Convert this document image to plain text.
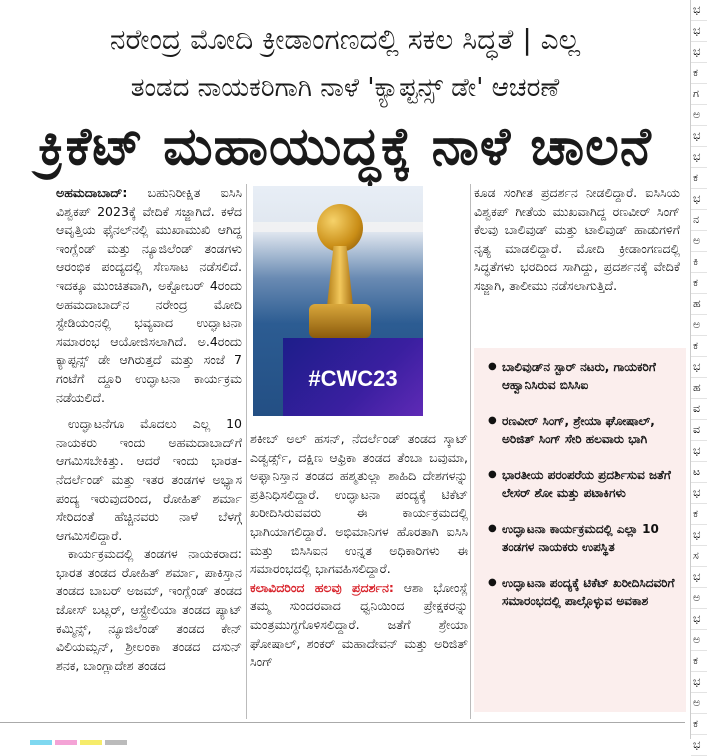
ನರೇಂದ್ರ ಮೋದಿ ಕ್ರೀಡಾಂಗಣದಲ್ಲಿ ಸಕಲ ಸಿದ್ಧತೆ | ಎಲ್ಲ
ತಂಡದ ನಾಯಕರಿಗಾಗಿ ನಾಳೆ 'ಕ್ಯಾಪ್ಟನ್ಸ್ ಡೇ' ಆಚರಣೆ
ಕ್ರಿಕೆಟ್ ಮಹಾಯುದ್ಧಕ್ಕೆ ನಾಳೆ ಚಾಲನೆ
ಅಹಮದಾಬಾದ್: ಬಹುನಿರೀಕ್ಷಿತ ಐಸಿಸಿ ವಿಶ್ವಕಪ್ 2023ಕ್ಕೆ ವೇದಿಕೆ ಸಜ್ಜಾಗಿದೆ. ಕಳೆದ ಆವೃತ್ತಿಯ ಫೈನಲ್‌ನಲ್ಲಿ ಮುಖಾಮುಖಿ ಆಗಿದ್ದ ಇಂಗ್ಲೆಂಡ್ ಮತ್ತು ನ್ಯೂಜಿಲೆಂಡ್ ತಂಡಗಳು ಆರಂಭಿಕ ಪಂದ್ಯದಲ್ಲಿ ಸೆಣಸಾಟ ನಡೆಸಲಿದೆ. ಇದಕ್ಕೂ ಮುಂಚಿತವಾಗಿ, ಅಕ್ಟೋಬರ್ 4ರಂದು ಅಹಮದಾಬಾದ್‌ನ ನರೇಂದ್ರ ಮೋದಿ ಸ್ಟೇಡಿಯಂನಲ್ಲಿ ಭವ್ಯವಾದ ಉದ್ಘಾಟನಾ ಸಮಾರಂಭ ಆಯೋಜಿಸಲಾಗಿದೆ. ಅ.4ರಂದು ಕ್ಯಾಪ್ಟನ್ಸ್ ಡೇ ಆಗಿರುತ್ತದೆ ಮತ್ತು ಸಂಜೆ 7 ಗಂಟೆಗೆ ದ್ದೂರಿ ಉದ್ಘಾಟನಾ ಕಾರ್ಯಕ್ರಮ ನಡೆಯಲಿದೆ.
ಉದ್ಘಾಟನೆಗೂ ಮೊದಲು ಎಲ್ಲ 10 ನಾಯಕರು ಇಂದು ಅಹಮದಾಬಾದ್‌ಗೆ ಆಗಮಿಸಬೇಕಿತ್ತು. ಆದರೆ ಇಂದು ಭಾರತ-ನೆದರ್ಲೆಂಡ್ ಮತ್ತು ಇತರ ತಂಡಗಳ ಅಭ್ಯಾಸ ಪಂದ್ಯ ಇರುವುದರಿಂದ, ರೋಹಿತ್ ಶರ್ಮಾ ಸೇರಿದಂತೆ ಹೆಚ್ಚಿನವರು ನಾಳೆ ಬೆಳಗ್ಗೆ ಆಗಮಿಸಲಿದ್ದಾರೆ.
ಕಾರ್ಯಕ್ರಮದಲ್ಲಿ ತಂಡಗಳ ನಾಯಕರಾದ: ಭಾರತ ತಂಡದ ರೋಹಿತ್ ಶರ್ಮಾ, ಪಾಕಿಸ್ತಾನ ತಂಡದ ಬಾಬರ್ ಅಜಮ್, ಇಂಗ್ಲೆಂಡ್ ತಂಡದ ಜೋಸ್ ಬಟ್ಲರ್, ಆಸ್ಟ್ರೇಲಿಯಾ ತಂಡದ ಪ್ಯಾಟ್ ಕಮ್ಮಿನ್ಸ್, ನ್ಯೂಜಿಲೆಂಡ್ ತಂಡದ ಕೇನ್ ವಿಲಿಯಮ್ಸನ್, ಶ್ರೀಲಂಕಾ ತಂಡದ ದಸುನ್ ಶನಕ, ಬಾಂಗ್ಲಾದೇಶ ತಂಡದ
#CWC23
ಶಕೀಬ್ ಅಲ್ ಹಸನ್, ನೆದರ್ಲೆಂಡ್ ತಂಡದ ಸ್ಕಾಟ್ ಎಡ್ವರ್ಡ್ಸ್, ದಕ್ಷಿಣ ಆಫ್ರಿಕಾ ತಂಡದ ತೆಂಬಾ ಬವುಮಾ, ಅಫ್ಘಾನಿಸ್ತಾನ ತಂಡದ ಹಶ್ಮತುಲ್ಲಾ ಶಾಹಿದಿ ದೇಶಗಳನ್ನು ಪ್ರತಿನಿಧಿಸಲಿದ್ದಾರೆ. ಉದ್ಘಾಟನಾ ಪಂದ್ಯಕ್ಕೆ ಟಿಕೆಟ್ ಖರೀದಿಸಿರುವವರು ಈ ಕಾರ್ಯಕ್ರಮದಲ್ಲಿ ಭಾಗಿಯಾಗಲಿದ್ದಾರೆ. ಅಭಿಮಾನಿಗಳ ಹೊರತಾಗಿ ಐಸಿಸಿ ಮತ್ತು ಬಿಸಿಸಿಐನ ಉನ್ನತ ಅಧಿಕಾರಿಗಳು ಈ ಸಮಾರಂಭದಲ್ಲಿ ಭಾಗವಹಿಸಲಿದ್ದಾರೆ.
ಕಲಾವಿದರಿಂದ ಹಲವು ಪ್ರದರ್ಶನ: ಆಶಾ ಭೋಂಸ್ಲೆ ತಮ್ಮ ಸುಂದರವಾದ ಧ್ವನಿಯಿಂದ ಪ್ರೇಕ್ಷಕರನ್ನು ಮಂತ್ರಮುಗ್ಧಗೊಳಿಸಲಿದ್ದಾರೆ. ಜತೆಗೆ ಶ್ರೇಯಾ ಘೋಷಾಲ್, ಶಂಕರ್ ಮಹಾದೇವನ್ ಮತ್ತು ಅರಿಜಿತ್ ಸಿಂಗ್
ಕೂಡ ಸಂಗೀತ ಪ್ರದರ್ಶನ ನೀಡಲಿದ್ದಾರೆ. ಐಸಿಸಿಯ ವಿಶ್ವಕಪ್ ಗೀತೆಯ ಮುಖವಾಗಿದ್ದ ರಣವೀರ್ ಸಿಂಗ್ ಕೆಲವು ಬಾಲಿವುಡ್ ಮತ್ತು ಟಾಲಿವುಡ್ ಹಾಡುಗಳಿಗೆ ನೃತ್ಯ ಮಾಡಲಿದ್ದಾರೆ. ಮೋದಿ ಕ್ರೀಡಾಂಗಣದಲ್ಲಿ ಸಿದ್ಧತೆಗಳು ಭರದಿಂದ ಸಾಗಿದ್ದು, ಪ್ರದರ್ಶನಕ್ಕೆ ವೇದಿಕೆ ಸಜ್ಜಾಗಿ, ತಾಲೀಮು ನಡೆಸಲಾಗುತ್ತಿದೆ.
● ಬಾಲಿವುಡ್‌ನ ಸ್ಟಾರ್ ನಟರು, ಗಾಯಕರಿಗೆ ಆಹ್ವಾನಿಸಿರುವ ಬಿಸಿಸಿಐ
● ರಣವೀರ್ ಸಿಂಗ್, ಶ್ರೇಯಾ ಘೋಷಾಲ್, ಅರಿಜಿತ್ ಸಿಂಗ್ ಸೇರಿ ಹಲವಾರು ಭಾಗಿ
● ಭಾರತೀಯ ಪರಂಪರೆಯ ಪ್ರದರ್ಶಿಸುವ ಜತೆಗೆ ಲೇಸರ್ ಶೋ ಮತ್ತು ಪಟಾಕಿಗಳು
● ಉದ್ಘಾಟನಾ ಕಾರ್ಯಕ್ರಮದಲ್ಲಿ ಎಲ್ಲಾ 10 ತಂಡಗಳ ನಾಯಕರು ಉಪಸ್ಥಿತ
● ಉದ್ಘಾಟನಾ ಪಂದ್ಯಕ್ಕೆ ಟಿಕೆಟ್ ಖರೀದಿಸಿದವರಿಗೆ ಸಮಾರಂಭದಲ್ಲಿ ಪಾಲ್ಗೊಳ್ಳುವ ಅವಕಾಶ
ಭ
ಭ
ಭ
ಕ
ಗ
ಅ
ಭ
ಭ
ಕ
ಭ
ನ
ಅ
ಕಿ
ಕ
ಹ
ಅ
ಕ
ಭ
ಹ
ವ
ವ
ಭ
ಟ
ಭ
ಕ
ಭ
ಸ
ಭ
ಅ
ಭ
ಅ
ಕ
ಭ
ಅ
ಕ
ಭ
